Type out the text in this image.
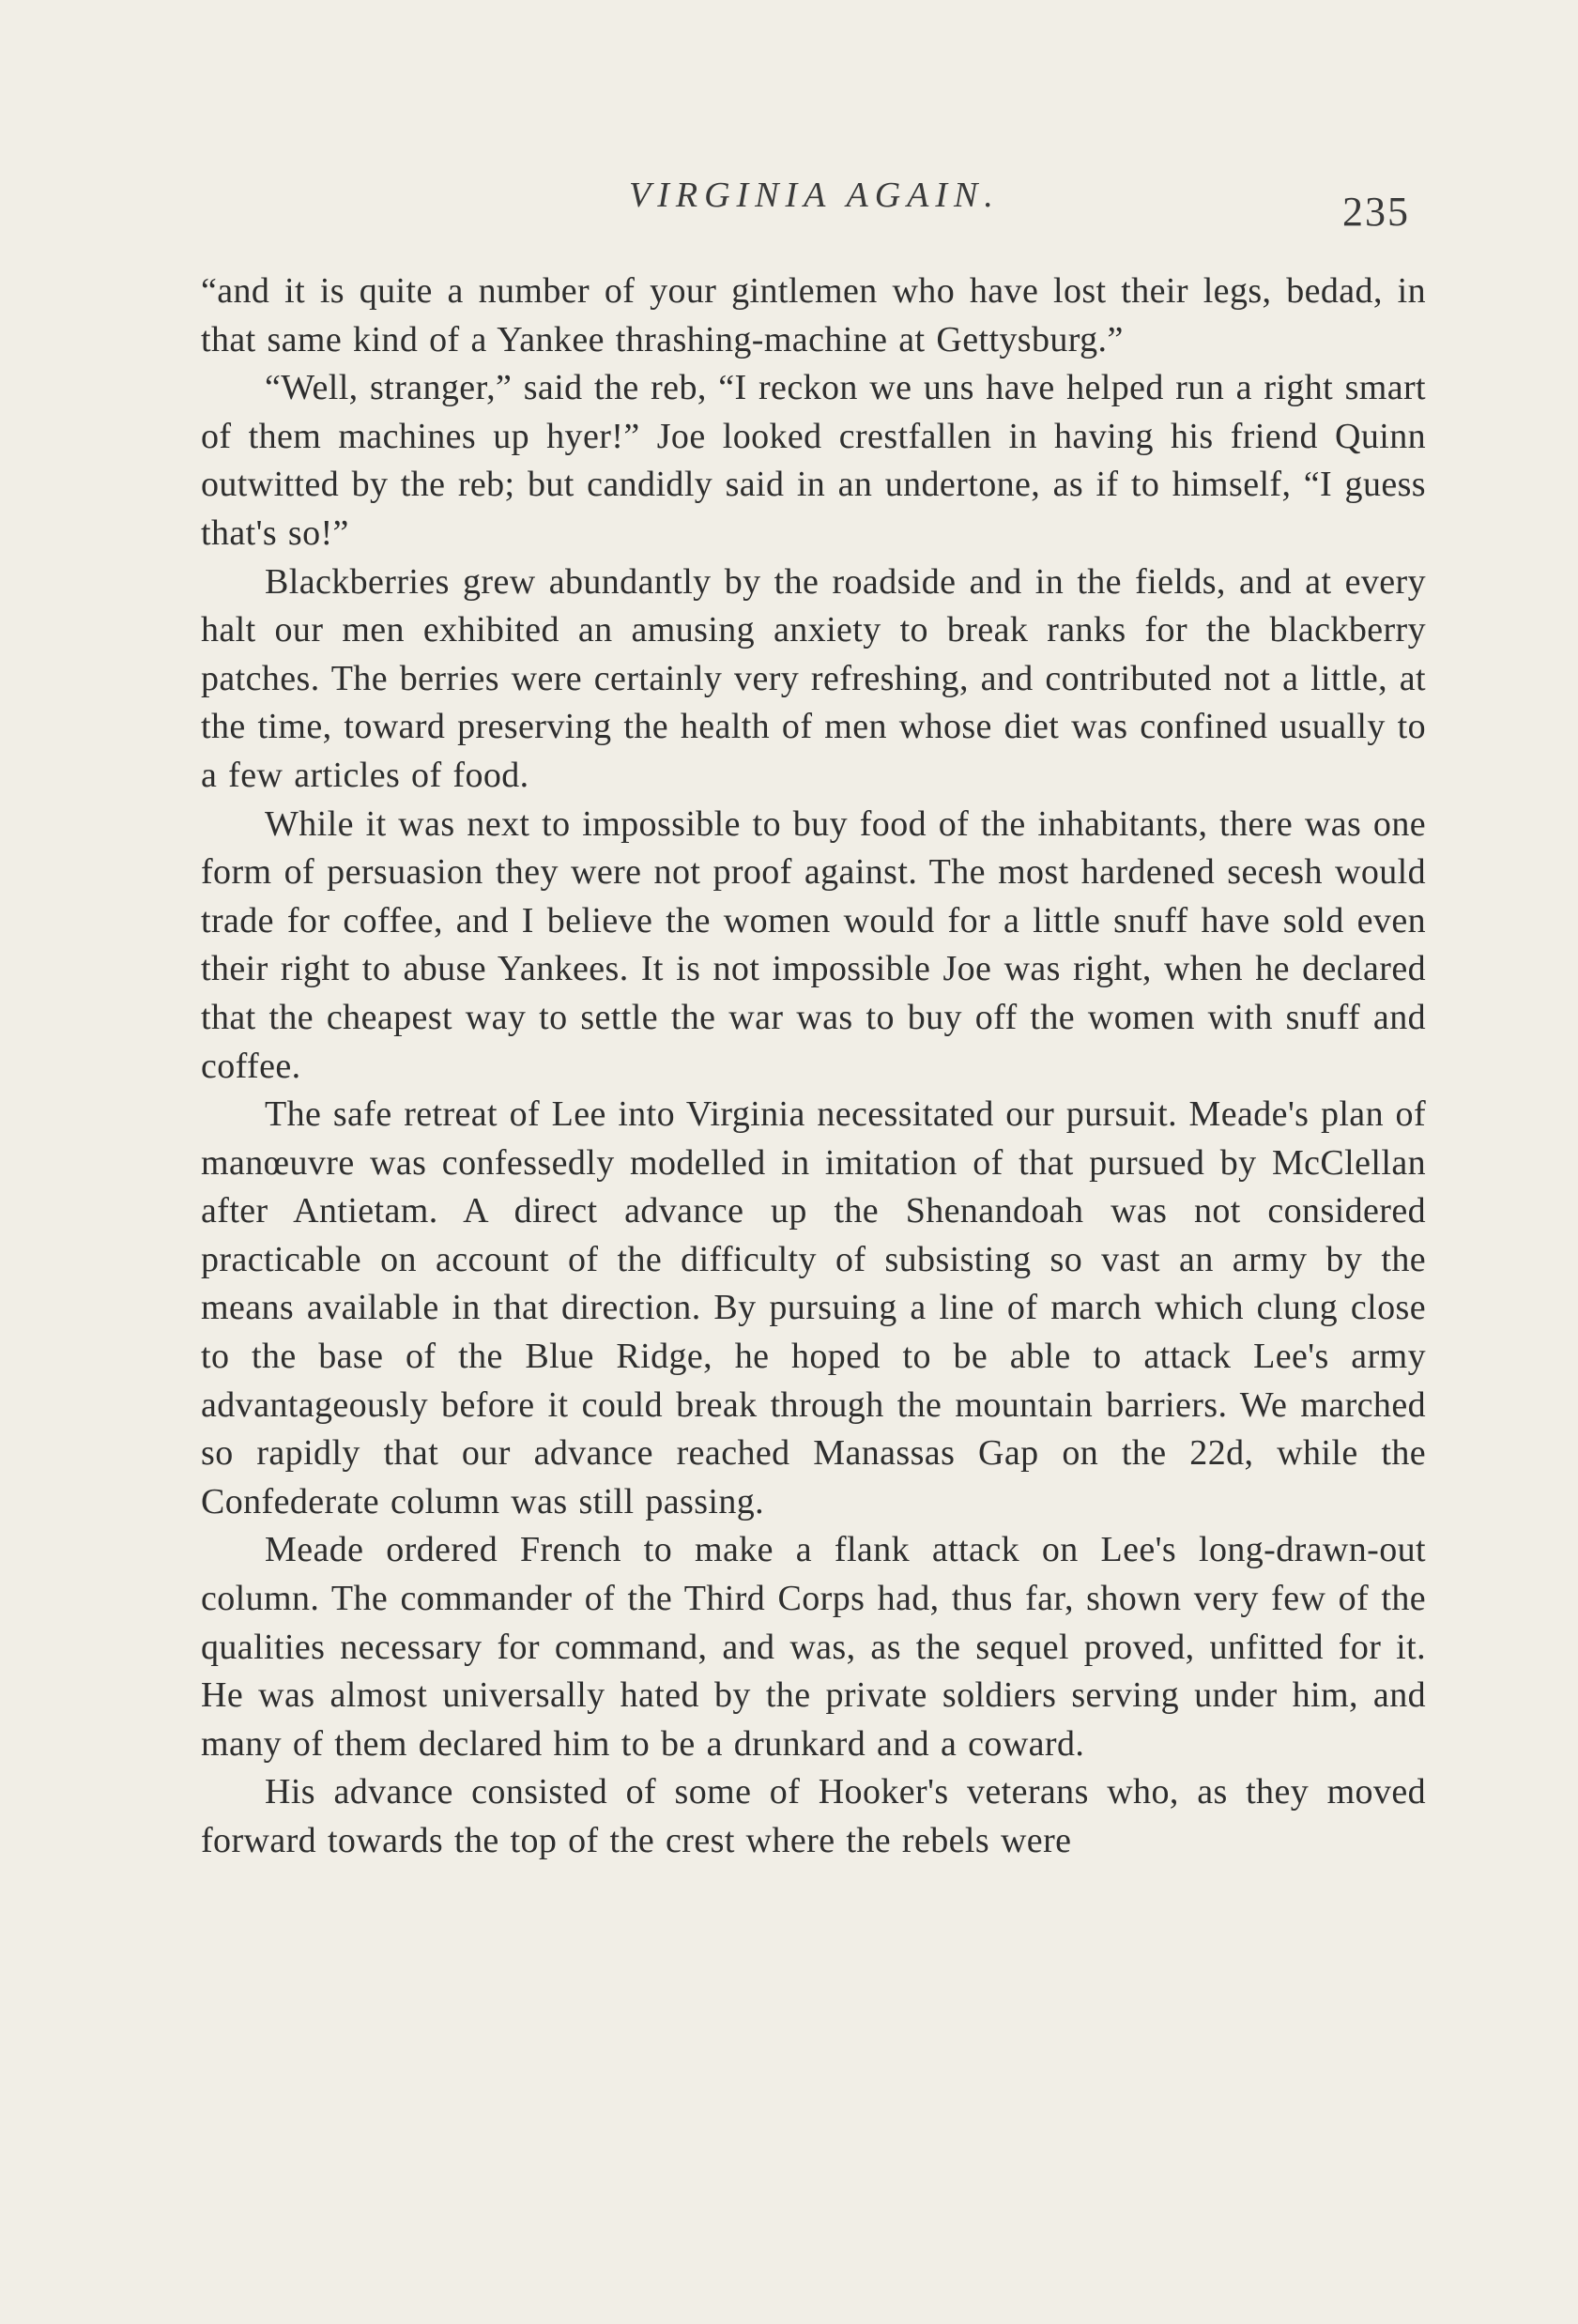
VIRGINIA AGAIN.	235

“and it is quite a number of your gintlemen who have lost their legs, bedad, in that same kind of a Yankee thrashing-machine at Gettysburg.”

“Well, stranger,” said the reb, “I reckon we uns have helped run a right smart of them machines up hyer!” Joe looked crestfallen in having his friend Quinn outwitted by the reb; but candidly said in an undertone, as if to himself, “I guess that's so!”

Blackberries grew abundantly by the roadside and in the fields, and at every halt our men exhibited an amusing anxiety to break ranks for the blackberry patches. The berries were certainly very refreshing, and contributed not a little, at the time, toward preserving the health of men whose diet was confined usually to a few articles of food.

While it was next to impossible to buy food of the inhabitants, there was one form of persuasion they were not proof against. The most hardened secesh would trade for coffee, and I believe the women would for a little snuff have sold even their right to abuse Yankees. It is not impossible Joe was right, when he declared that the cheapest way to settle the war was to buy off the women with snuff and coffee.

The safe retreat of Lee into Virginia necessitated our pursuit. Meade's plan of manœuvre was confessedly modelled in imitation of that pursued by McClellan after Antietam. A direct advance up the Shenandoah was not considered practicable on account of the difficulty of subsisting so vast an army by the means available in that direction. By pursuing a line of march which clung close to the base of the Blue Ridge, he hoped to be able to attack Lee's army advantageously before it could break through the mountain barriers. We marched so rapidly that our advance reached Manassas Gap on the 22d, while the Confederate column was still passing.

Meade ordered French to make a flank attack on Lee's long-drawn-out column. The commander of the Third Corps had, thus far, shown very few of the qualities necessary for command, and was, as the sequel proved, unfitted for it. He was almost universally hated by the private soldiers serving under him, and many of them declared him to be a drunkard and a coward.

His advance consisted of some of Hooker's veterans who, as they moved forward towards the top of the crest where the rebels were
